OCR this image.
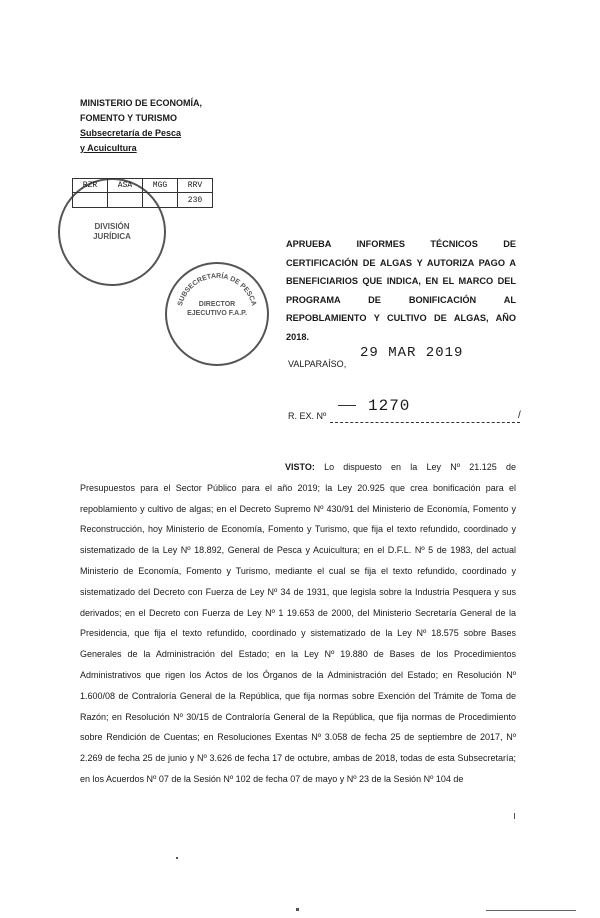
MINISTERIO DE ECONOMÍA,
FOMENTO Y TURISMO
Subsecretaría de Pesca
y Acuicultura
DIVISIÓN JURÍDICA
RZR	ASA	MGG	RRV
			230
SUBSECRETARÍA DE PESCA
DIRECTOR EJECUTIVO F.A.P.
APRUEBA INFORMES TÉCNICOS DE CERTIFICACIÓN DE ALGAS Y AUTORIZA PAGO A BENEFICIARIOS QUE INDICA, EN EL MARCO DEL PROGRAMA DE BONIFICACIÓN AL REPOBLAMIENTO Y CULTIVO DE ALGAS, AÑO 2018.
29 MAR 2019
VALPARAÍSO,
1270
R. EX. Nº	/
VISTO: Lo dispuesto en la Ley Nº 21.125 de Presupuestos para el Sector Público para el año 2019; la Ley 20.925 que crea bonificación para el repoblamiento y cultivo de algas; en el Decreto Supremo Nº 430/91 del Ministerio de Economía, Fomento y Reconstrucción, hoy Ministerio de Economía, Fomento y Turismo, que fija el texto refundido, coordinado y sistematizado de la Ley Nº 18.892, General de Pesca y Acuicultura; en el D.F.L. Nº 5 de 1983, del actual Ministerio de Economía, Fomento y Turismo, mediante el cual se fija el texto refundido, coordinado y sistematizado del Decreto con Fuerza de Ley Nº 34 de 1931, que legisla sobre la Industria Pesquera y sus derivados; en el Decreto con Fuerza de Ley Nº 1 19.653 de 2000, del Ministerio Secretaría General de la Presidencia, que fija el texto refundido, coordinado y sistematizado de la Ley Nº 18.575 sobre Bases Generales de la Administración del Estado; en la Ley Nº 19.880 de Bases de los Procedimientos Administrativos que rigen los Actos de los Órganos de la Administración del Estado; en Resolución Nº 1.600/08 de Contraloría General de la República, que fija normas sobre Exención del Trámite de Toma de Razón; en Resolución Nº 30/15 de Contraloría General de la República, que fija normas de Procedimiento sobre Rendición de Cuentas; en Resoluciones Exentas Nº 3.058 de fecha 25 de septiembre de 2017, Nº 2.269 de fecha 25 de junio y Nº 3.626 de fecha 17 de octubre, ambas de 2018, todas de esta Subsecretaría; en los Acuerdos Nº 07 de la Sesión Nº 102 de fecha 07 de mayo y Nº 23 de la Sesión Nº 104 de
